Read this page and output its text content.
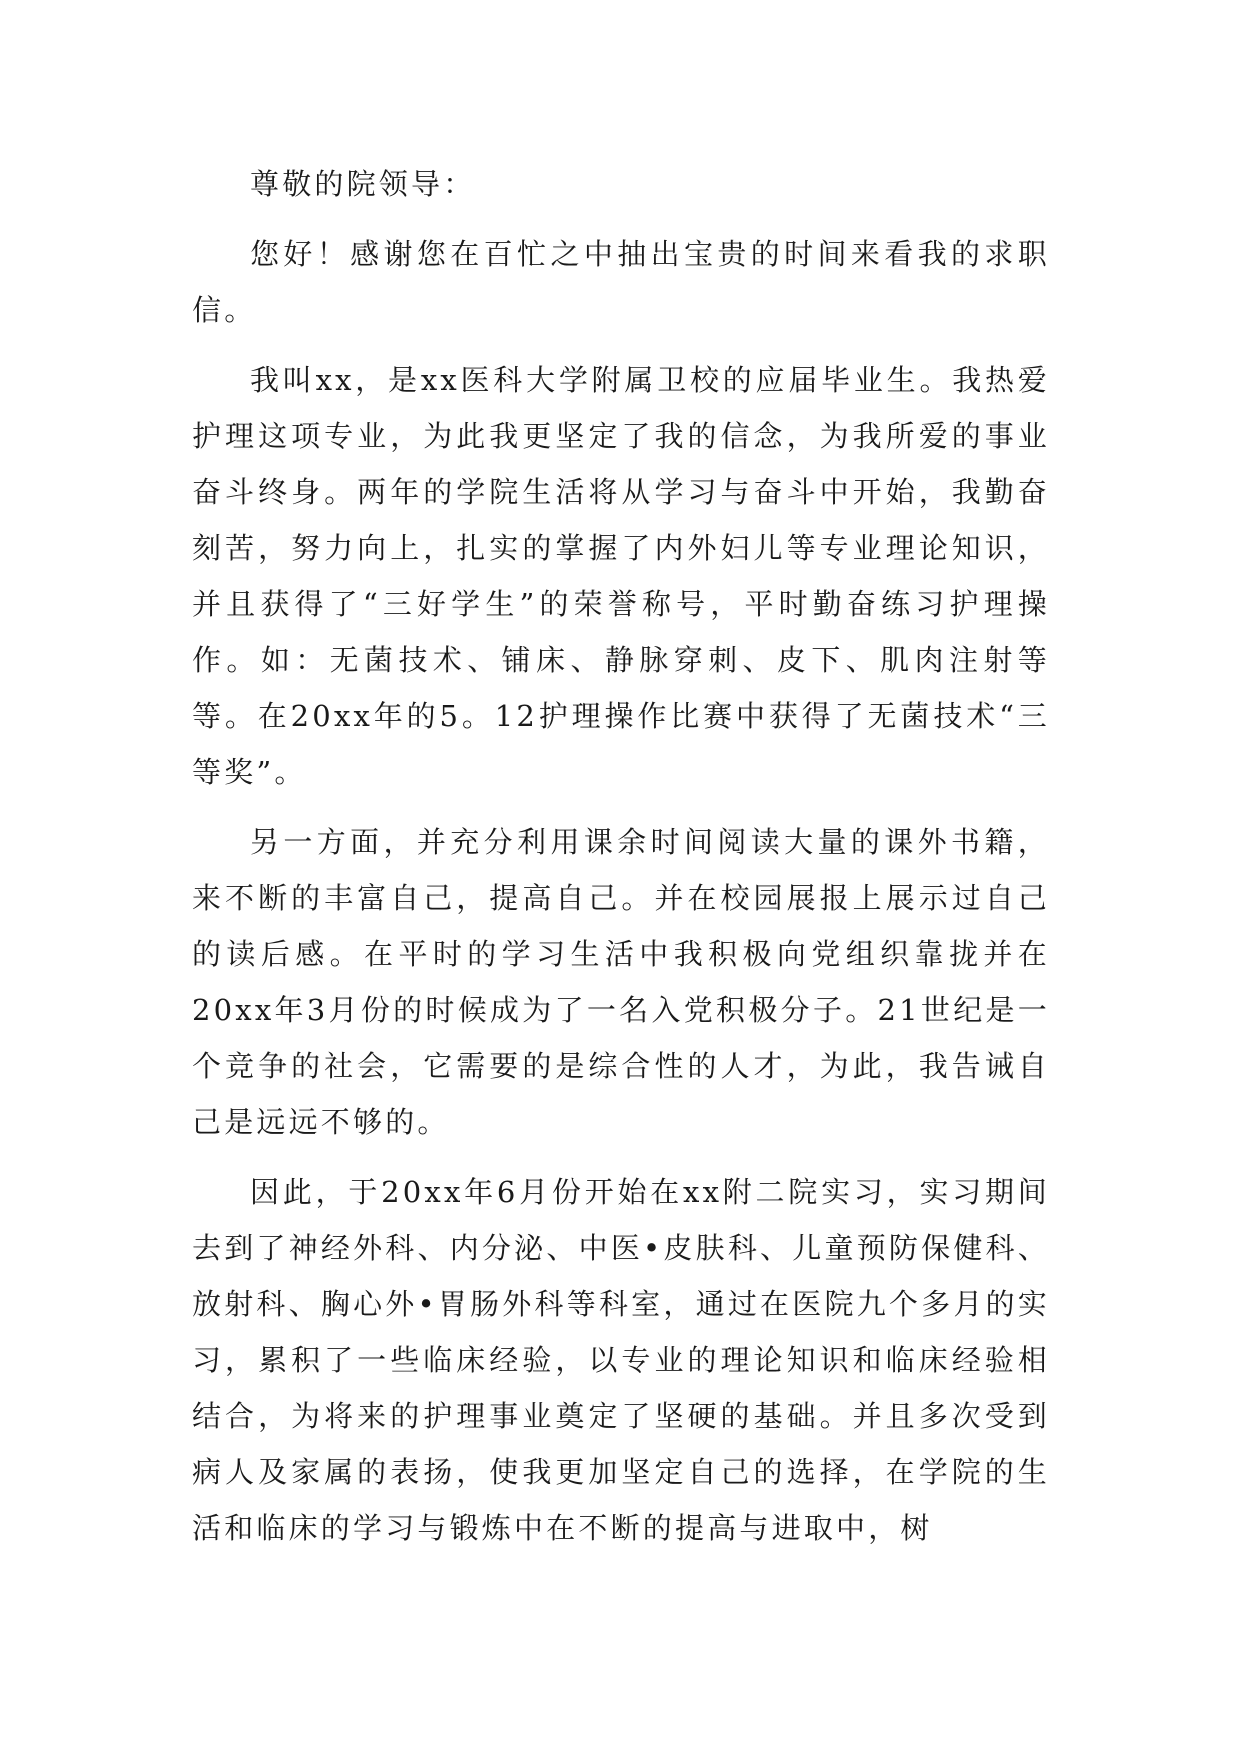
尊敬的院领导：

您好！感谢您在百忙之中抽出宝贵的时间来看我的求职信。

我叫xx，是xx医科大学附属卫校的应届毕业生。我热爱护理这项专业，为此我更坚定了我的信念，为我所爱的事业奋斗终身。两年的学院生活将从学习与奋斗中开始，我勤奋刻苦，努力向上，扎实的掌握了内外妇儿等专业理论知识，并且获得了“三好学生”的荣誉称号，平时勤奋练习护理操作。如：无菌技术、铺床、静脉穿刺、皮下、肌肉注射等等。在20xx年的5。12护理操作比赛中获得了无菌技术“三等奖”。

另一方面，并充分利用课余时间阅读大量的课外书籍，来不断的丰富自己，提高自己。并在校园展报上展示过自己的读后感。在平时的学习生活中我积极向党组织靠拢并在20xx年3月份的时候成为了一名入党积极分子。21世纪是一个竞争的社会，它需要的是综合性的人才，为此，我告诫自己是远远不够的。

因此，于20xx年6月份开始在xx附二院实习，实习期间去到了神经外科、内分泌、中医•皮肤科、儿童预防保健科、放射科、胸心外•胃肠外科等科室，通过在医院九个多月的实习，累积了一些临床经验，以专业的理论知识和临床经验相结合，为将来的护理事业奠定了坚硬的基础。并且多次受到病人及家属的表扬，使我更加坚定自己的选择，在学院的生活和临床的学习与锻炼中在不断的提高与进取中，树
